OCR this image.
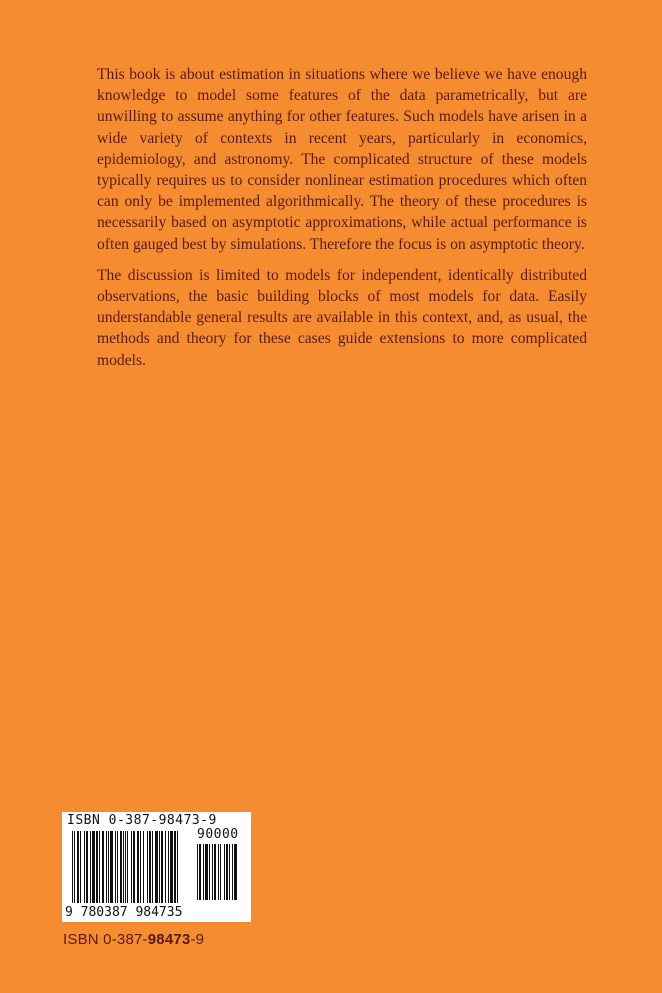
This book is about estimation in situations where we believe we have enough knowledge to model some features of the data parametrically, but are unwilling to assume anything for other features. Such models have arisen in a wide variety of contexts in recent years, particularly in economics, epidemiology, and astronomy. The complicated structure of these models typically requires us to consider nonlinear estimation procedures which often can only be implemented algorithmically. The theory of these procedures is necessarily based on asymptotic approximations, while actual performance is often gauged best by simulations. Therefore the focus is on asymptotic theory.

The discussion is limited to models for independent, identically distributed observations, the basic building blocks of most models for data. Easily understandable general results are available in this context, and, as usual, the methods and theory for these cases guide extensions to more complicated models.

ISBN 0-387-98473-9
90000
9 780387 984735
ISBN 0-387-98473-9
